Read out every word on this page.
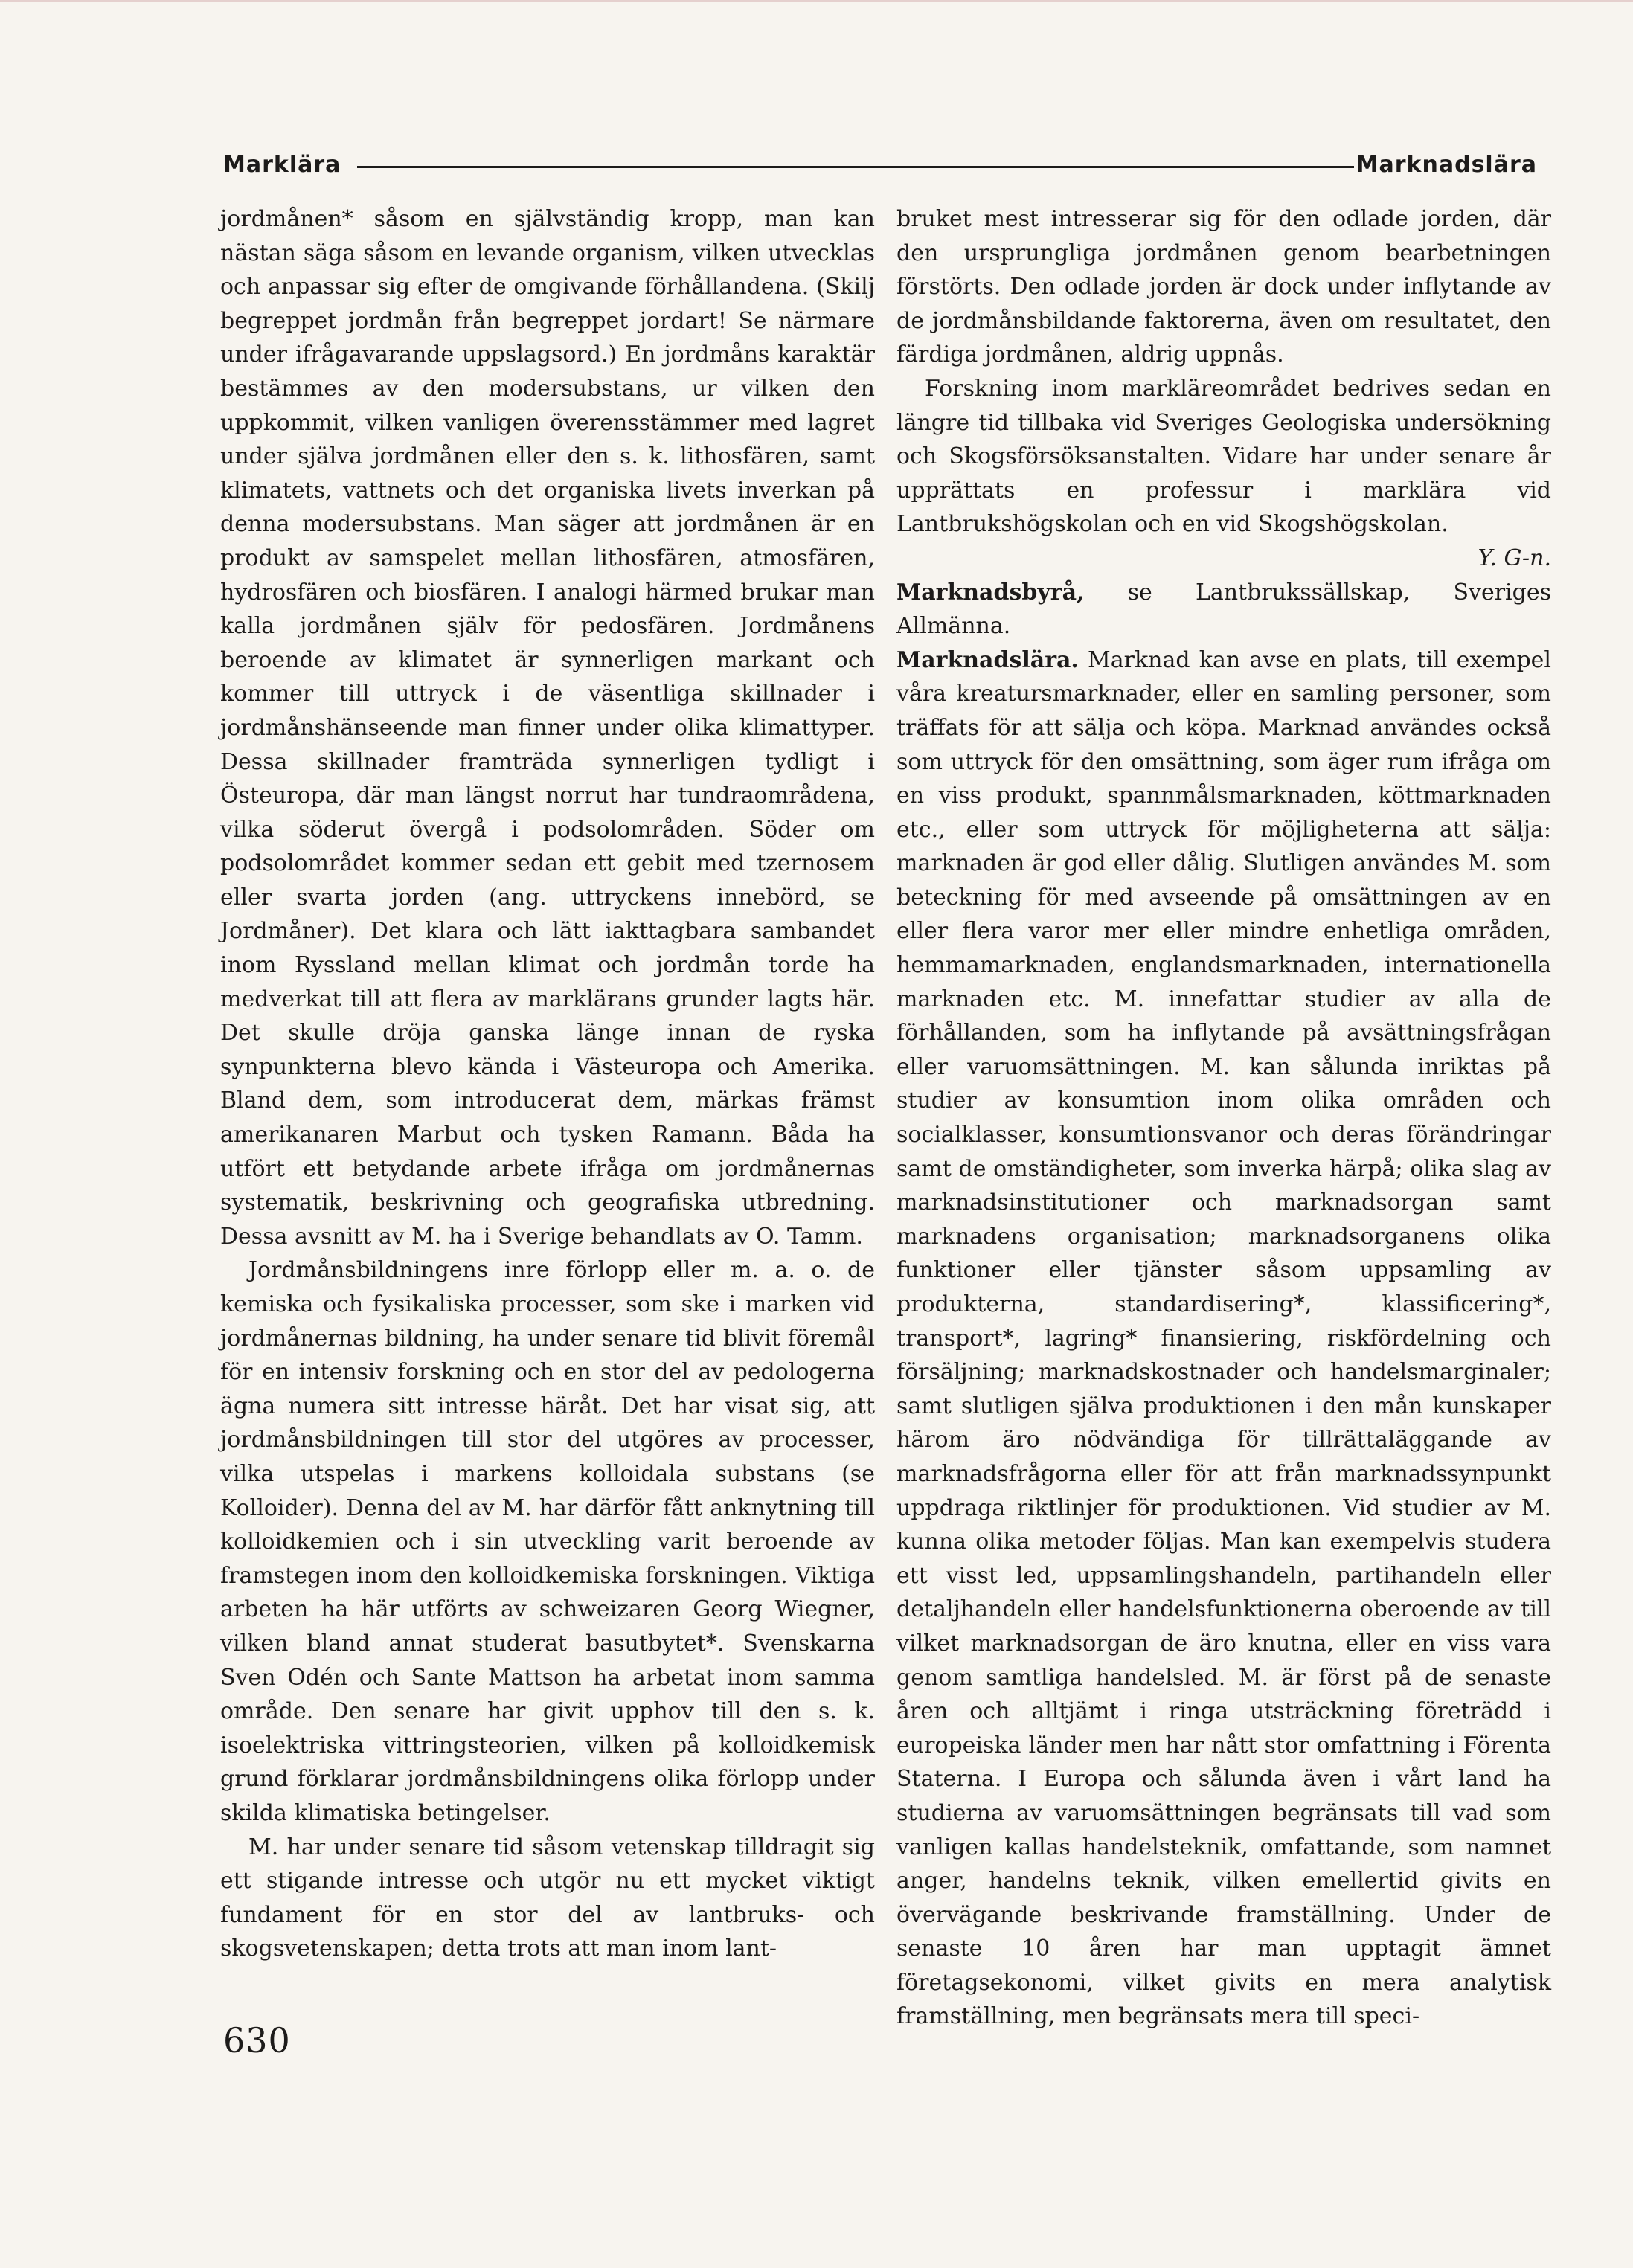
Marklära	Marknadslära

jordmånen* såsom en självständig kropp, man kan nästan säga såsom en levande organism, vilken utvecklas och anpassar sig efter de omgivande förhållandena. (Skilj begreppet jordmån från begreppet jordart! Se närmare under ifrågavarande uppslagsord.) En jordmåns karaktär bestämmes av den modersubstans, ur vilken den uppkommit, vilken vanligen överensstämmer med lagret under själva jordmånen eller den s. k. lithosfären, samt klimatets, vattnets och det organiska livets inverkan på denna modersubstans. Man säger att jordmånen är en produkt av samspelet mellan lithosfären, atmosfären, hydrosfären och biosfären. I analogi härmed brukar man kalla jordmånen själv för pedosfären. Jordmånens beroende av klimatet är synnerligen markant och kommer till uttryck i de väsentliga skillnader i jordmånshänseende man finner under olika klimattyper. Dessa skillnader framträda synnerligen tydligt i Östeuropa, där man längst norrut har tundraområdena, vilka söderut övergå i podsolområden. Söder om podsolområdet kommer sedan ett gebit med tzernosem eller svarta jorden (ang. uttryckens innebörd, se Jordmåner). Det klara och lätt iakttagbara sambandet inom Ryssland mellan klimat och jordmån torde ha medverkat till att flera av marklärans grunder lagts här. Det skulle dröja ganska länge innan de ryska synpunkterna blevo kända i Västeuropa och Amerika. Bland dem, som introducerat dem, märkas främst amerikanaren Marbut och tysken Ramann. Båda ha utfört ett betydande arbete ifråga om jordmånernas systematik, beskrivning och geografiska utbredning. Dessa avsnitt av M. ha i Sverige behandlats av O. Tamm.

Jordmånsbildningens inre förlopp eller m. a. o. de kemiska och fysikaliska processer, som ske i marken vid jordmånernas bildning, ha under senare tid blivit föremål för en intensiv forskning och en stor del av pedologerna ägna numera sitt intresse häråt. Det har visat sig, att jordmånsbildningen till stor del utgöres av processer, vilka utspelas i markens kolloidala substans (se Kolloider). Denna del av M. har därför fått anknytning till kolloidkemien och i sin utveckling varit beroende av framstegen inom den kolloidkemiska forskningen. Viktiga arbeten ha här utförts av schweizaren Georg Wiegner, vilken bland annat studerat basutbytet*. Svenskarna Sven Odén och Sante Mattson ha arbetat inom samma område. Den senare har givit upphov till den s. k. isoelektriska vittringsteorien, vilken på kolloidkemisk grund förklarar jordmånsbildningens olika förlopp under skilda klimatiska betingelser.

M. har under senare tid såsom vetenskap tilldragit sig ett stigande intresse och utgör nu ett mycket viktigt fundament för en stor del av lantbruks- och skogsvetenskapen; detta trots att man inom lant-

bruket mest intresserar sig för den odlade jorden, där den ursprungliga jordmånen genom bearbetningen förstörts. Den odlade jorden är dock under inflytande av de jordmånsbildande faktorerna, även om resultatet, den färdiga jordmånen, aldrig uppnås.

Forskning inom markläreområdet bedrives sedan en längre tid tillbaka vid Sveriges Geologiska undersökning och Skogsförsöksanstalten. Vidare har under senare år upprättats en professur i marklära vid Lantbrukshögskolan och en vid Skogshögskolan.

Y. G-n.

Marknadsbyrå, se Lantbrukssällskap, Sveriges Allmänna.

Marknadslära. Marknad kan avse en plats, till exempel våra kreatursmarknader, eller en samling personer, som träffats för att sälja och köpa. Marknad användes också som uttryck för den omsättning, som äger rum ifråga om en viss produkt, spannmålsmarknaden, köttmarknaden etc., eller som uttryck för möjligheterna att sälja: marknaden är god eller dålig. Slutligen användes M. som beteckning för med avseende på omsättningen av en eller flera varor mer eller mindre enhetliga områden, hemmamarknaden, englandsmarknaden, internationella marknaden etc. M. innefattar studier av alla de förhållanden, som ha inflytande på avsättningsfrågan eller varuomsättningen. M. kan sålunda inriktas på studier av konsumtion inom olika områden och socialklasser, konsumtionsvanor och deras förändringar samt de omständigheter, som inverka härpå; olika slag av marknadsinstitutioner och marknadsorgan samt marknadens organisation; marknadsorganens olika funktioner eller tjänster såsom uppsamling av produkterna, standardisering*, klassificering*, transport*, lagring* finansiering, riskfördelning och försäljning; marknadskostnader och handelsmarginaler; samt slutligen själva produktionen i den mån kunskaper härom äro nödvändiga för tillrättaläggande av marknadsfrågorna eller för att från marknadssynpunkt uppdraga riktlinjer för produktionen. Vid studier av M. kunna olika metoder följas. Man kan exempelvis studera ett visst led, uppsamlingshandeln, partihandeln eller detaljhandeln eller handelsfunktionerna oberoende av till vilket marknadsorgan de äro knutna, eller en viss vara genom samtliga handelsled. M. är först på de senaste åren och alltjämt i ringa utsträckning företrädd i europeiska länder men har nått stor omfattning i Förenta Staterna. I Europa och sålunda även i vårt land ha studierna av varuomsättningen begränsats till vad som vanligen kallas handelsteknik, omfattande, som namnet anger, handelns teknik, vilken emellertid givits en övervägande beskrivande framställning. Under de senaste 10 åren har man upptagit ämnet företagsekonomi, vilket givits en mera analytisk framställning, men begränsats mera till speci-

630
